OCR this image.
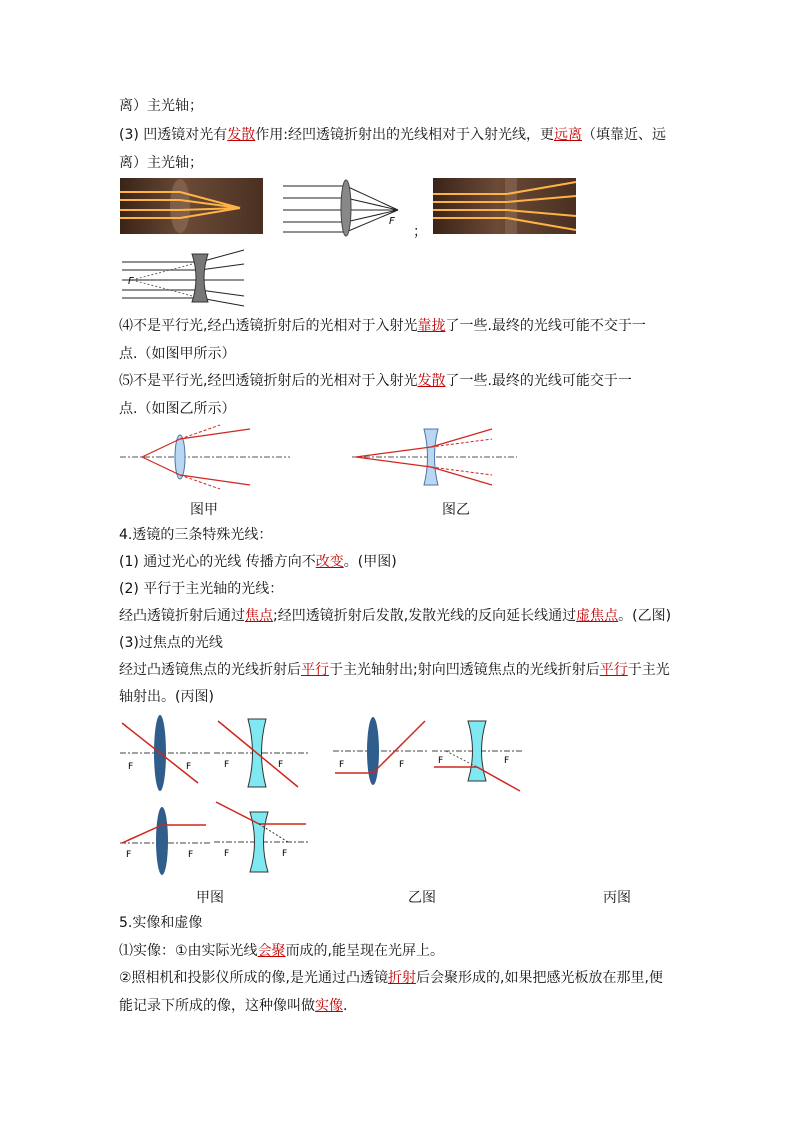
离）主光轴；
(3) 凹透镜对光有发散作用:经凹透镜折射出的光线相对于入射光线，更远离（填靠近、远
离）主光轴；
F
；
F
⑷不是平行光,经凸透镜折射后的光相对于入射光靠拢了一些.最终的光线可能不交于一
点.（如图甲所示）
⑸不是平行光,经凹透镜折射后的光相对于入射光发散了一些.最终的光线可能交于一
点.（如图乙所示）
图甲	图乙
4.透镜的三条特殊光线：
(1) 通过光心的光线 传播方向不改变。(甲图)
(2) 平行于主光轴的光线：
经凸透镜折射后通过焦点;经凹透镜折射后发散,发散光线的反向延长线通过虚焦点。(乙图)
(3)过焦点的光线
经过凸透镜焦点的光线折射后平行于主光轴射出;射向凹透镜焦点的光线折射后平行于主光
轴射出。(丙图)
F	F	F	F	F	F	F	F
F	F	F	F
甲图	乙图	丙图
5.实像和虚像
⑴实像：①由实际光线会聚而成的,能呈现在光屏上。
②照相机和投影仪所成的像,是光通过凸透镜折射后会聚形成的,如果把感光板放在那里,便
能记录下所成的像，这种像叫做实像.
